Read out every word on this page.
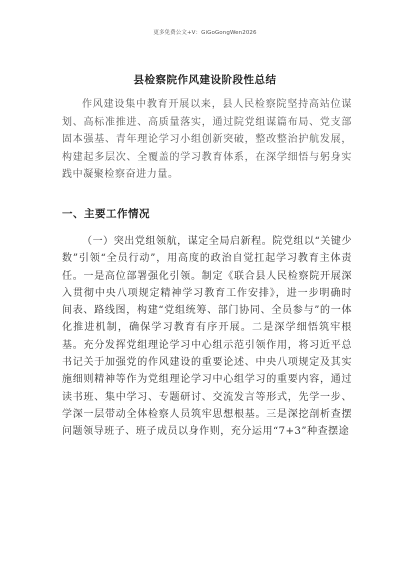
更多免费公文+V：GiGoGongWen2026
县检察院作风建设阶段性总结

作风建设集中教育开展以来，县人民检察院坚持高站位谋划、高标准推进、高质量落实，通过院党组谋篇布局、党支部固本强基、青年理论学习小组创新突破，整改整治护航发展，构建起多层次、全覆盖的学习教育体系，在深学细悟与躬身实践中凝聚检察奋进力量。

一、主要工作情况

（一）突出党组领航，谋定全局启新程。院党组以“关键少数”引领“全员行动”，用高度的政治自觉扛起学习教育主体责任。一是高位部署强化引领。制定《联合县人民检察院开展深入贯彻中央八项规定精神学习教育工作安排》，进一步明确时间表、路线图，构建“党组统筹、部门协同、全员参与”的一体化推进机制，确保学习教育有序开展。二是深学细悟筑牢根基。充分发挥党组理论学习中心组示范引领作用，将习近平总书记关于加强党的作风建设的重要论述、中央八项规定及其实施细则精神等作为党组理论学习中心组学习的重要内容，通过读书班、集中学习、专题研讨、交流发言等形式，先学一步、学深一层带动全体检察人员筑牢思想根基。三是深挖剖析查摆问题领导班子、班子成员以身作则，充分运用“7+3”种查摆途
